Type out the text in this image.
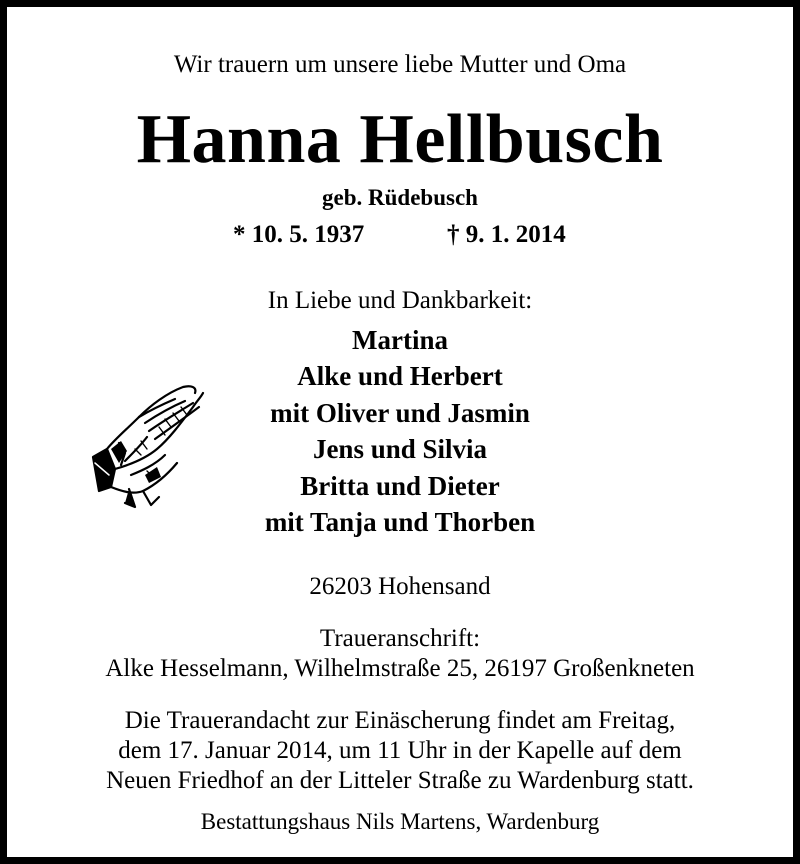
Wir trauern um unsere liebe Mutter und Oma
Hanna Hellbusch
geb. Rüdebusch
* 10. 5. 1937	† 9. 1. 2014
In Liebe und Dankbarkeit:
Martina
Alke und Herbert
mit Oliver und Jasmin
Jens und Silvia
Britta und Dieter
mit Tanja und Thorben
26203 Hohensand
Traueranschrift:
Alke Hesselmann, Wilhelmstraße 25, 26197 Großenkneten
Die Trauerandacht zur Einäscherung findet am Freitag,
dem 17. Januar 2014, um 11 Uhr in der Kapelle auf dem
Neuen Friedhof an der Litteler Straße zu Wardenburg statt.
Bestattungshaus Nils Martens, Wardenburg
